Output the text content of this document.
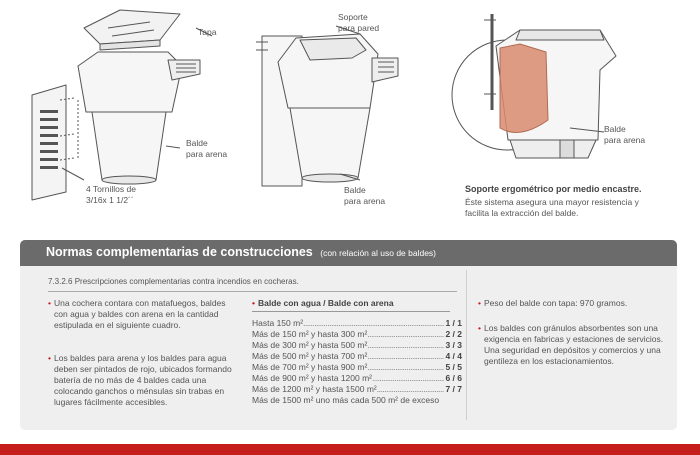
Tapa
Soporte
para pared
Balde
para arena
4 Tornillos de
3/16x 1 1/2´´
Balde
para arena
Balde
para arena
Soporte ergométrico por medio encastre.
Éste sistema asegura una mayor resistencia y
facilita la extracción del balde.
Normas complementarias de construcciones (con relación al uso de baldes)
7.3.2.6 Prescripciones complementarias contra incendios en cocheras.
• Una cochera contara con matafuegos, baldes
con agua y baldes con arena en la cantidad
estipulada en el siguiente cuadro.
• Los baldes para arena y los baldes para agua
deben ser pintados de rojo, ubicados formando
batería de no más de 4 baldes cada una
colocando ganchos o ménsulas sin trabas en
lugares fácilmente accesibles.
• Balde con agua / Balde con arena
Hasta 150 m² .....	1 / 1
Más de 150 m² y hasta 300 m² .....	2 / 2
Más de 300 m² y hasta 500 m² .....	3 / 3
Más de 500 m² y hasta 700 m² .....	4 / 4
Más de 700 m² y hasta 900 m² .....	5 / 5
Más de 900 m² y hasta 1200 m² .....	6 / 6
Más de 1200 m² y hasta 1500 m² .....	7 / 7
Más de 1500 m² uno más cada 500 m² de exceso
• Peso del balde con tapa: 970 gramos.
• Los baldes con gránulos absorbentes son una
exigencia en fabricas y estaciones de servicios.
Una seguridad en depósitos y comercios y una
gentileza en los estacionamientos.
